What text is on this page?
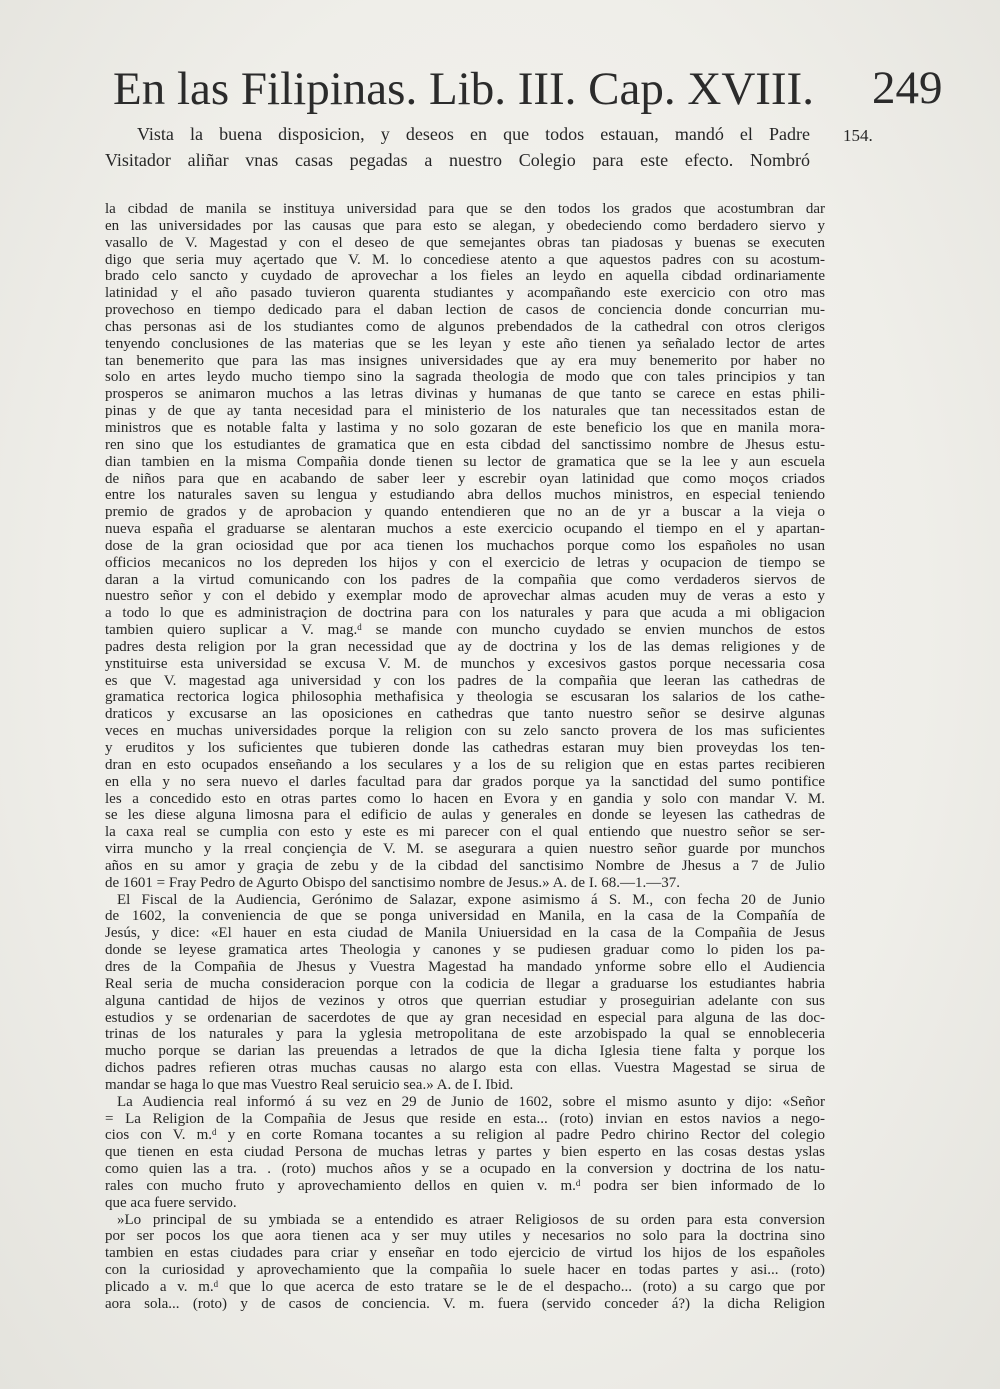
En las Filipinas. Lib. III. Cap. XVIII. 249
Vista la buena disposicion, y deseos en que todos estauan, mandó el Padre
Visitador aliñar vnas casas pegadas a nuestro Colegio para este efecto. Nombró
154.
la cibdad de manila se instituya universidad para que se den todos los grados que acostumbran dar
en las universidades por las causas que para esto se alegan, y obedeciendo como berdadero siervo y
vasallo de V. Magestad y con el deseo de que semejantes obras tan piadosas y buenas se executen
digo que seria muy açertado que V. M. lo concediese atento a que aquestos padres con su acostum-
brado celo sancto y cuydado de aprovechar a los fieles an leydo en aquella cibdad ordinariamente
latinidad y el año pasado tuvieron quarenta studiantes y acompañando este exercicio con otro mas
provechoso en tiempo dedicado para el daban lection de casos de conciencia donde concurrian mu-
chas personas asi de los studiantes como de algunos prebendados de la cathedral con otros clerigos
tenyendo conclusiones de las materias que se les leyan y este año tienen ya señalado lector de artes
tan benemerito que para las mas insignes universidades que ay era muy benemerito por haber no
solo en artes leydo mucho tiempo sino la sagrada theologia de modo que con tales principios y tan
prosperos se animaron muchos a las letras divinas y humanas de que tanto se carece en estas phili-
pinas y de que ay tanta necesidad para el ministerio de los naturales que tan necessitados estan de
ministros que es notable falta y lastima y no solo gozaran de este beneficio los que en manila mora-
ren sino que los estudiantes de gramatica que en esta cibdad del sanctissimo nombre de Jhesus estu-
dian tambien en la misma Compañia donde tienen su lector de gramatica que se la lee y aun escuela
de niños para que en acabando de saber leer y escrebir oyan latinidad que como moços criados
entre los naturales saven su lengua y estudiando abra dellos muchos ministros, en especial teniendo
premio de grados y de aprobacion y quando entendieren que no an de yr a buscar a la vieja o
nueva españa el graduarse se alentaran muchos a este exercicio ocupando el tiempo en el y apartan-
dose de la gran ociosidad que por aca tienen los muchachos porque como los españoles no usan
officios mecanicos no los depreden los hijos y con el exercicio de letras y ocupacion de tiempo se
daran a la virtud comunicando con los padres de la compañia que como verdaderos siervos de
nuestro señor y con el debido y exemplar modo de aprovechar almas acuden muy de veras a esto y
a todo lo que es administraçion de doctrina para con los naturales y para que acuda a mi obligacion
tambien quiero suplicar a V. mag.ᵈ se mande con muncho cuydado se envien munchos de estos
padres desta religion por la gran necessidad que ay de doctrina y los de las demas religiones y de
ynstituirse esta universidad se excusa V. M. de munchos y excesivos gastos porque necessaria cosa
es que V. magestad aga universidad y con los padres de la compañia que leeran las cathedras de
gramatica rectorica logica philosophia methafisica y theologia se escusaran los salarios de los cathe-
draticos y excusarse an las oposiciones en cathedras que tanto nuestro señor se desirve algunas
veces en muchas universidades porque la religion con su zelo sancto provera de los mas suficientes
y eruditos y los suficientes que tubieren donde las cathedras estaran muy bien proveydas los ten-
dran en esto ocupados enseñando a los seculares y a los de su religion que en estas partes recibieren
en ella y no sera nuevo el darles facultad para dar grados porque ya la sanctidad del sumo pontifice
les a concedido esto en otras partes como lo hacen en Evora y en gandia y solo con mandar V. M.
se les diese alguna limosna para el edificio de aulas y generales en donde se leyesen las cathedras de
la caxa real se cumplia con esto y este es mi parecer con el qual entiendo que nuestro señor se ser-
virra muncho y la rreal conçiençia de V. M. se asegurara a quien nuestro señor guarde por munchos
años en su amor y graçia de zebu y de la cibdad del sanctisimo Nombre de Jhesus a 7 de Julio
de 1601 = Fray Pedro de Agurto Obispo del sanctisimo nombre de Jesus.» A. de I. 68.—1.—37.
El Fiscal de la Audiencia, Gerónimo de Salazar, expone asimismo á S. M., con fecha 20 de Junio
de 1602, la conveniencia de que se ponga universidad en Manila, en la casa de la Compañía de
Jesús, y dice: «El hauer en esta ciudad de Manila Uniuersidad en la casa de la Compañia de Jesus
donde se leyese gramatica artes Theologia y canones y se pudiesen graduar como lo piden los pa-
dres de la Compañia de Jhesus y Vuestra Magestad ha mandado ynforme sobre ello el Audiencia
Real seria de mucha consideracion porque con la codicia de llegar a graduarse los estudiantes habria
alguna cantidad de hijos de vezinos y otros que querrian estudiar y proseguirian adelante con sus
estudios y se ordenarian de sacerdotes de que ay gran necesidad en especial para alguna de las doc-
trinas de los naturales y para la yglesia metropolitana de este arzobispado la qual se ennobleceria
mucho porque se darian las preuendas a letrados de que la dicha Iglesia tiene falta y porque los
dichos padres refieren otras muchas causas no alargo esta con ellas. Vuestra Magestad se sirua de
mandar se haga lo que mas Vuestro Real seruicio sea.» A. de I. Ibid.
La Audiencia real informó á su vez en 29 de Junio de 1602, sobre el mismo asunto y dijo: «Señor
= La Religion de la Compañia de Jesus que reside en esta... (roto) invian en estos navios a nego-
cios con V. m.ᵈ y en corte Romana tocantes a su religion al padre Pedro chirino Rector del colegio
que tienen en esta ciudad Persona de muchas letras y partes y bien esperto en las cosas destas yslas
como quien las a tra. . (roto) muchos años y se a ocupado en la conversion y doctrina de los natu-
rales con mucho fruto y aprovechamiento dellos en quien v. m.ᵈ podra ser bien informado de lo
que aca fuere servido.
»Lo principal de su ymbiada se a entendido es atraer Religiosos de su orden para esta conversion
por ser pocos los que aora tienen aca y ser muy utiles y necesarios no solo para la doctrina sino
tambien en estas ciudades para criar y enseñar en todo ejercicio de virtud los hijos de los españoles
con la curiosidad y aprovechamiento que la compañia lo suele hacer en todas partes y asi... (roto)
plicado a v. m.ᵈ que lo que acerca de esto tratare se le de el despacho... (roto) a su cargo que por
aora sola... (roto) y de casos de conciencia. V. m. fuera (servido conceder á?) la dicha Religion
